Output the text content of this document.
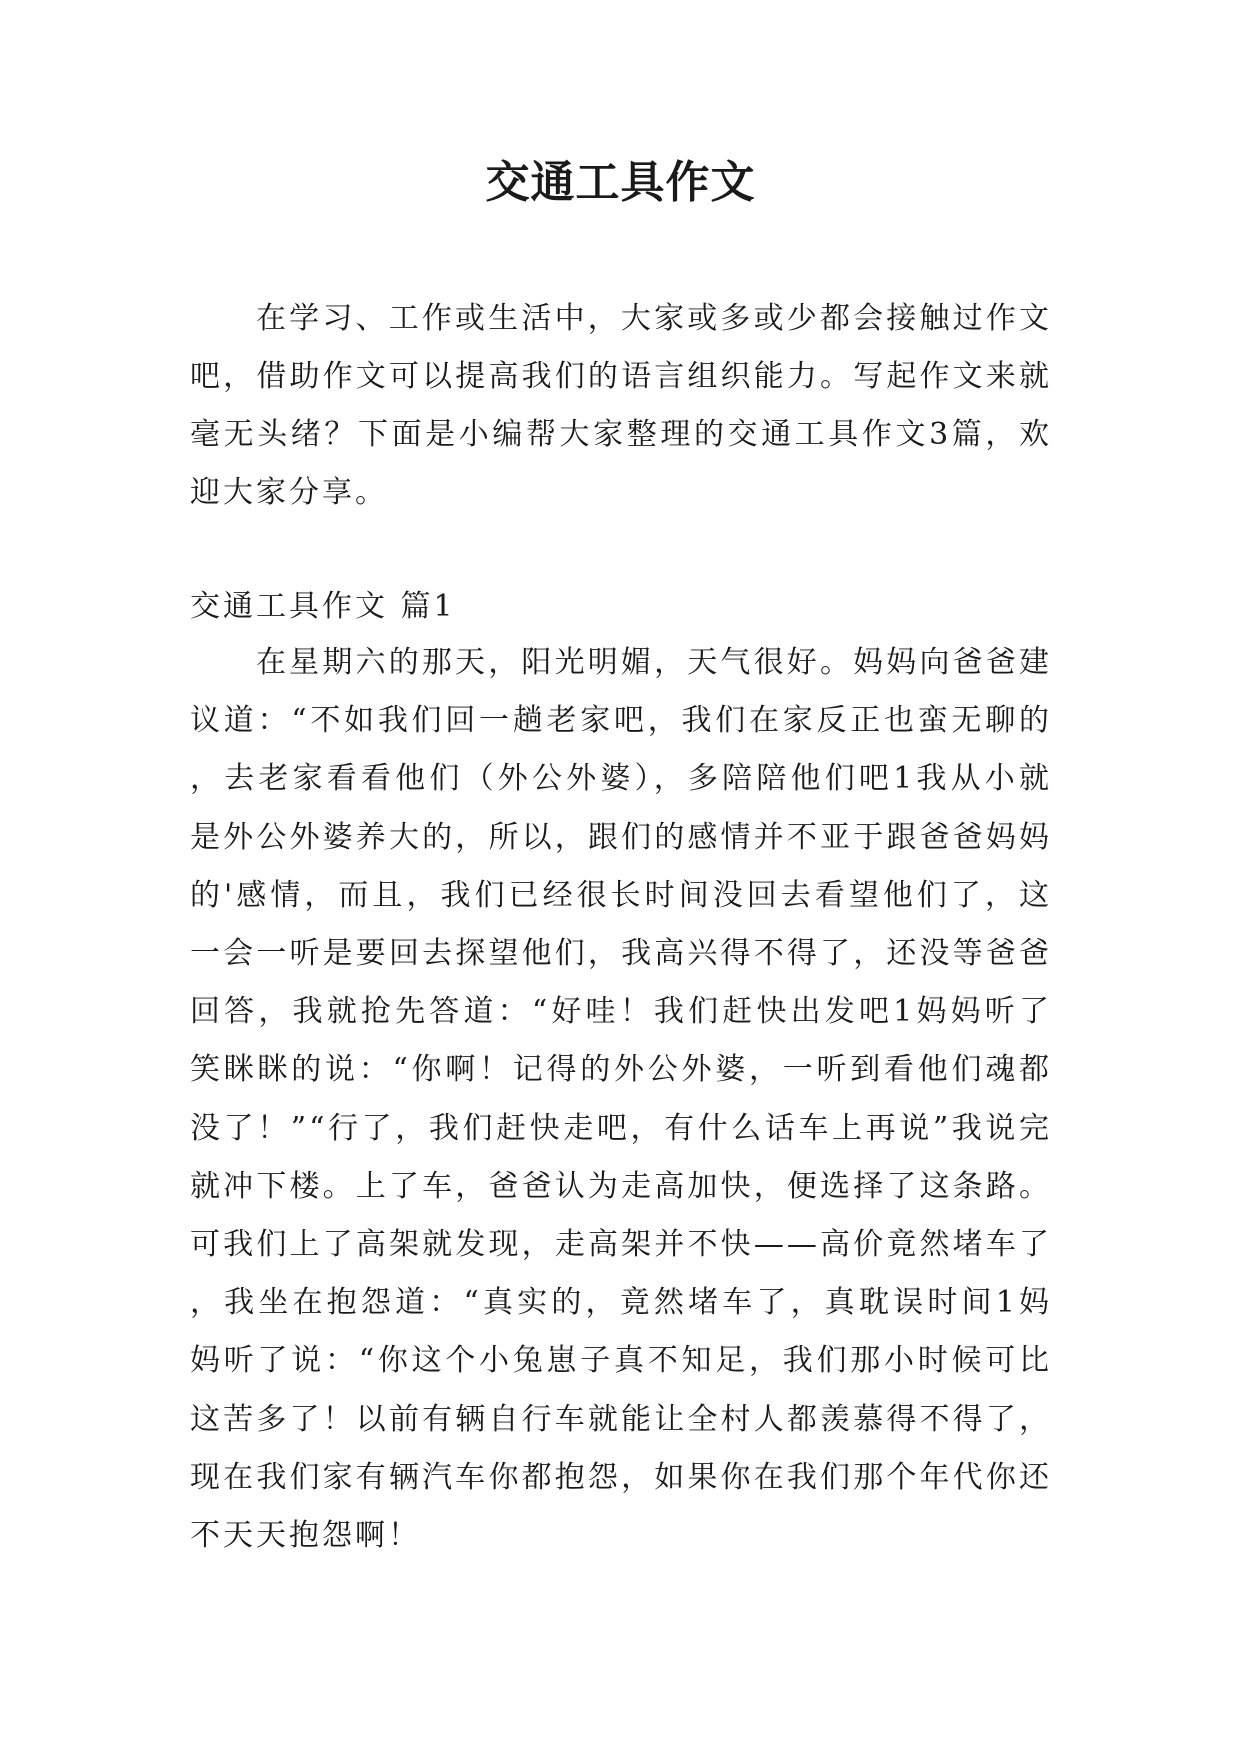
交通工具作文

在学习、工作或生活中，大家或多或少都会接触过作文吧，借助作文可以提高我们的语言组织能力。写起作文来就毫无头绪？下面是小编帮大家整理的交通工具作文3篇，欢迎大家分享。

交通工具作文 篇1

在星期六的那天，阳光明媚，天气很好。妈妈向爸爸建议道：“不如我们回一趟老家吧，我们在家反正也蛮无聊的，去老家看看他们（外公外婆），多陪陪他们吧1我从小就是外公外婆养大的，所以，跟们的感情并不亚于跟爸爸妈妈的'感情，而且，我们已经很长时间没回去看望他们了，这一会一听是要回去探望他们，我高兴得不得了，还没等爸爸回答，我就抢先答道：“好哇！我们赶快出发吧1妈妈听了笑眯眯的说：“你啊！记得的外公外婆，一听到看他们魂都没了！”“行了，我们赶快走吧，有什么话车上再说”我说完就冲下楼。上了车，爸爸认为走高加快，便选择了这条路。可我们上了高架就发现，走高架并不快——高价竟然堵车了，我坐在抱怨道：“真实的，竟然堵车了，真耽误时间1妈妈听了说：“你这个小兔崽子真不知足，我们那小时候可比这苦多了！以前有辆自行车就能让全村人都羡慕得不得了，现在我们家有辆汽车你都抱怨，如果你在我们那个年代你还不天天抱怨啊！
